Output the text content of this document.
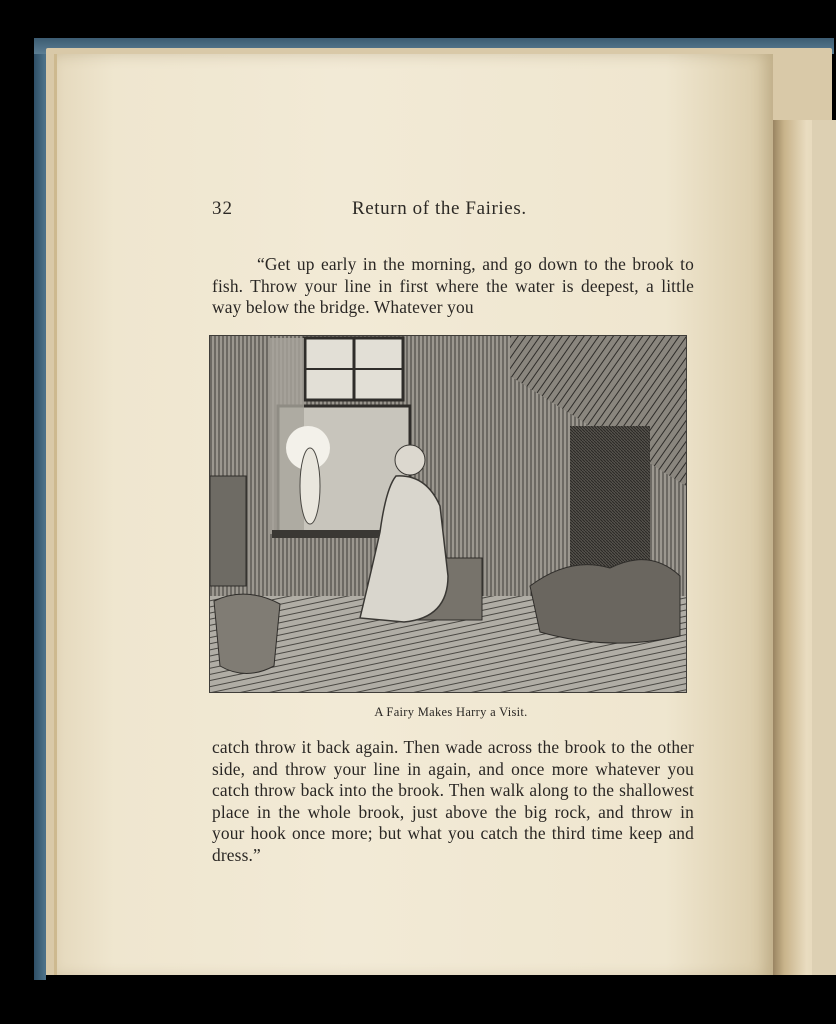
32	Return of the Fairies.
“Get up early in the morning, and go down to the brook to fish. Throw your line in first where the water is deepest, a little way below the bridge. Whatever you
A Fairy Makes Harry a Visit.
catch throw it back again. Then wade across the brook to the other side, and throw your line in again, and once more whatever you catch throw back into the brook. Then walk along to the shallowest place in the whole brook, just above the big rock, and throw in your hook once more; but what you catch the third time keep and dress.”
